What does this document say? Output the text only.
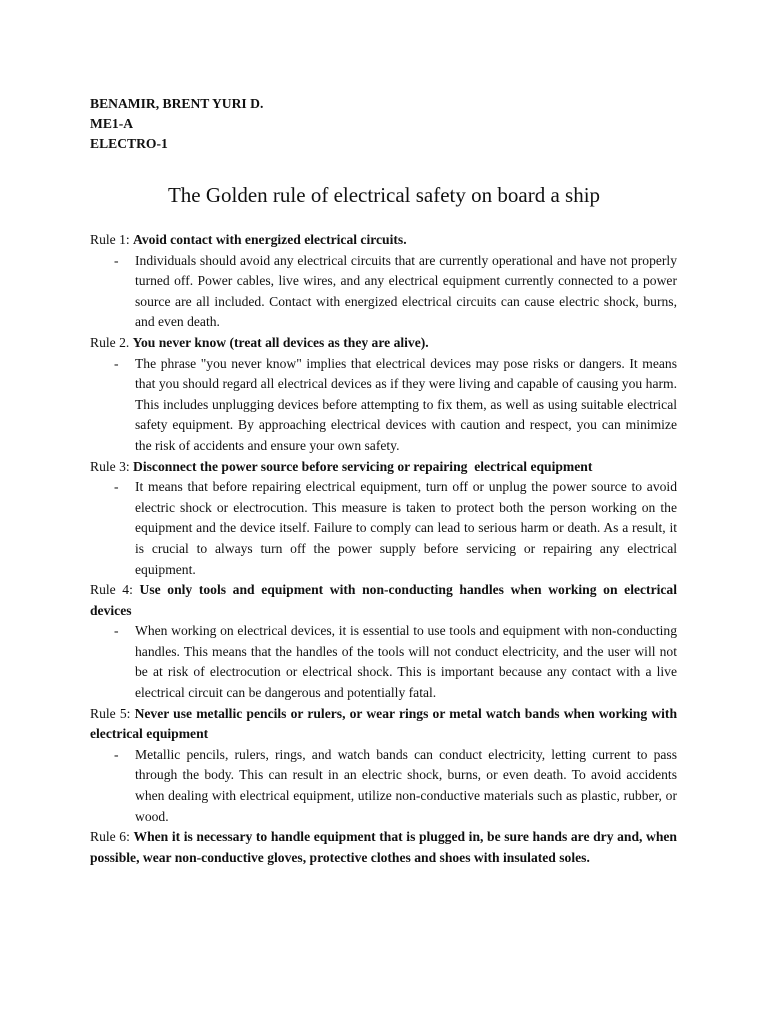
BENAMIR, BRENT YURI D.
ME1-A
ELECTRO-1
The Golden rule of electrical safety on board a ship
Rule 1: Avoid contact with energized electrical circuits.
-	Individuals should avoid any electrical circuits that are currently operational and have not properly turned off. Power cables, live wires, and any electrical equipment currently connected to a power source are all included. Contact with energized electrical circuits can cause electric shock, burns, and even death.
Rule 2. You never know (treat all devices as they are alive).
-	The phrase "you never know" implies that electrical devices may pose risks or dangers. It means that you should regard all electrical devices as if they were living and capable of causing you harm. This includes unplugging devices before attempting to fix them, as well as using suitable electrical safety equipment. By approaching electrical devices with caution and respect, you can minimize the risk of accidents and ensure your own safety.
Rule 3: Disconnect the power source before servicing or repairing  electrical equipment
-	It means that before repairing electrical equipment, turn off or unplug the power source to avoid electric shock or electrocution. This measure is taken to protect both the person working on the equipment and the device itself. Failure to comply can lead to serious harm or death. As a result, it is crucial to always turn off the power supply before servicing or repairing any electrical equipment.
Rule 4: Use only tools and equipment with non-conducting handles when working on electrical devices
-	When working on electrical devices, it is essential to use tools and equipment with non-conducting handles. This means that the handles of the tools will not conduct electricity, and the user will not be at risk of electrocution or electrical shock. This is important because any contact with a live electrical circuit can be dangerous and potentially fatal.
Rule 5: Never use metallic pencils or rulers, or wear rings or metal watch bands when working with electrical equipment
-	Metallic pencils, rulers, rings, and watch bands can conduct electricity, letting current to pass through the body. This can result in an electric shock, burns, or even death. To avoid accidents when dealing with electrical equipment, utilize non-conductive materials such as plastic, rubber, or wood.
Rule 6: When it is necessary to handle equipment that is plugged in, be sure hands are dry and, when possible, wear non-conductive gloves, protective clothes and shoes with insulated soles.
